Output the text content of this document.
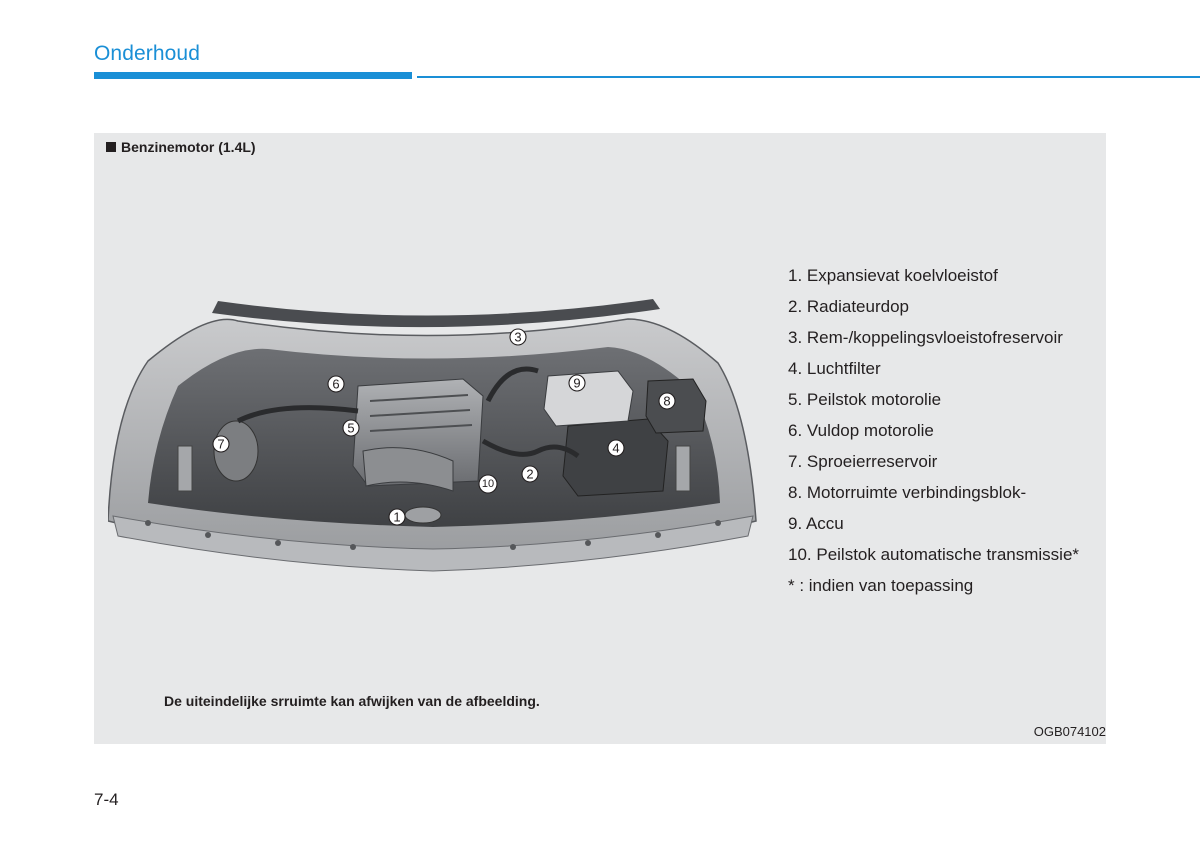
Onderhoud
Benzinemotor (1.4L)
1
2
3
4
5
6
7
8
9
10
1. Expansievat koelvloeistof
2. Radiateurdop
3. Rem-/koppelingsvloeistofreservoir
4. Luchtfilter
5. Peilstok motorolie
6. Vuldop motorolie
7. Sproeierreservoir
8. Motorruimte verbindingsblok-
9. Accu
10. Peilstok automatische transmissie*
* : indien van toepassing
De uiteindelijke srruimte kan afwijken van de afbeelding.
OGB074102
7-4
